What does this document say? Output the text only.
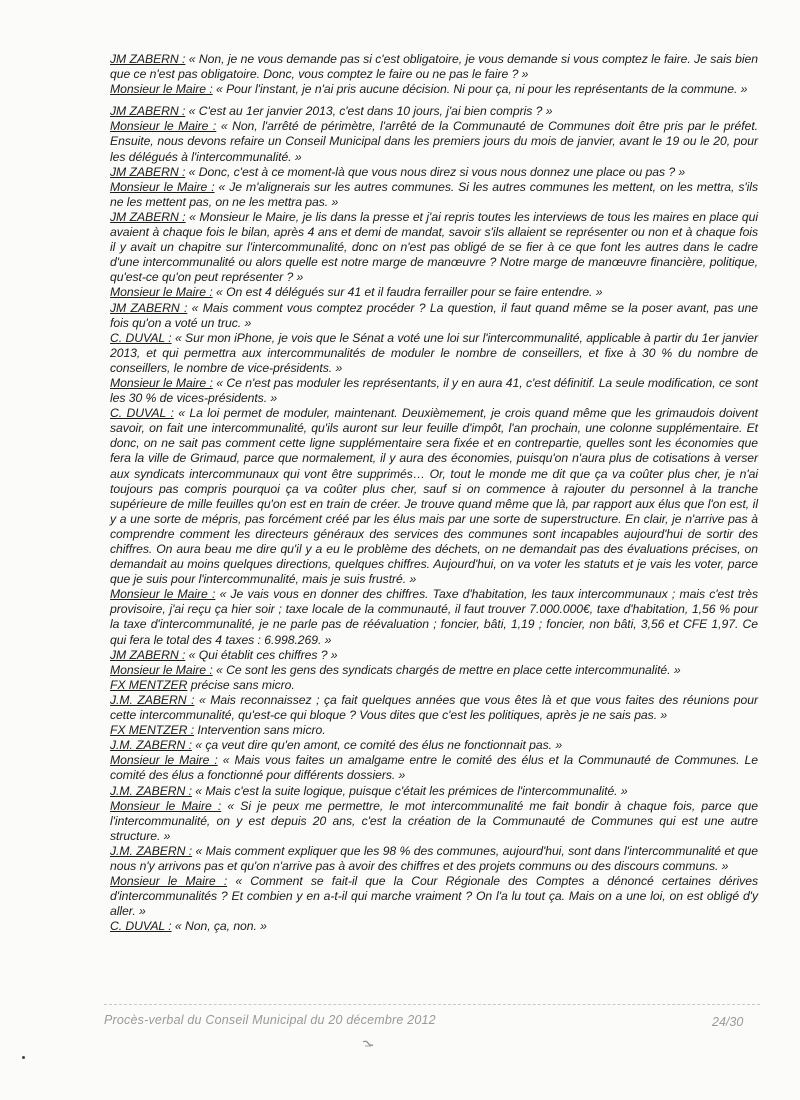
JM ZABERN : « Non, je ne vous demande pas si c'est obligatoire, je vous demande si vous comptez le faire. Je sais bien que ce n'est pas obligatoire. Donc, vous comptez le faire ou ne pas le faire ? »

Monsieur le Maire : « Pour l'instant, je n'ai pris aucune décision. Ni pour ça, ni pour les représentants de la commune. »

JM ZABERN : « C'est au 1er janvier 2013, c'est dans 10 jours, j'ai bien compris ? »

Monsieur le Maire : « Non, l'arrêté de périmètre, l'arrêté de la Communauté de Communes doit être pris par le préfet. Ensuite, nous devons refaire un Conseil Municipal dans les premiers jours du mois de janvier, avant le 19 ou le 20, pour les délégués à l'intercommunalité. »

JM ZABERN : « Donc, c'est à ce moment-là que vous nous direz si vous nous donnez une place ou pas ? »

Monsieur le Maire : « Je m'alignerais sur les autres communes. Si les autres communes les mettent, on les mettra, s'ils ne les mettent pas, on ne les mettra pas. »

JM ZABERN : « Monsieur le Maire, je lis dans la presse et j'ai repris toutes les interviews de tous les maires en place qui avaient à chaque fois le bilan, après 4 ans et demi de mandat, savoir s'ils allaient se représenter ou non et à chaque fois il y avait un chapitre sur l'intercommunalité, donc on n'est pas obligé de se fier à ce que font les autres dans le cadre d'une intercommunalité ou alors quelle est notre marge de manœuvre ? Notre marge de manœuvre financière, politique, qu'est-ce qu'on peut représenter ? »

Monsieur le Maire : « On est 4 délégués sur 41 et il faudra ferrailler pour se faire entendre. »

JM ZABERN : « Mais comment vous comptez procéder ? La question, il faut quand même se la poser avant, pas une fois qu'on a voté un truc. »

C. DUVAL : « Sur mon iPhone, je vois que le Sénat a voté une loi sur l'intercommunalité, applicable à partir du 1er janvier 2013, et qui permettra aux intercommunalités de moduler le nombre de conseillers, et fixe à 30 % du nombre de conseillers, le nombre de vice-présidents. »

Monsieur le Maire : « Ce n'est pas moduler les représentants, il y en aura 41, c'est définitif. La seule modification, ce sont les 30 % de vices-présidents. »

C. DUVAL : « La loi permet de moduler, maintenant. Deuxièmement, je crois quand même que les grimaudois doivent savoir, on fait une intercommunalité, qu'ils auront sur leur feuille d'impôt, l'an prochain, une colonne supplémentaire. Et donc, on ne sait pas comment cette ligne supplémentaire sera fixée et en contrepartie, quelles sont les économies que fera la ville de Grimaud, parce que normalement, il y aura des économies, puisqu'on n'aura plus de cotisations à verser aux syndicats intercommunaux qui vont être supprimés… Or, tout le monde me dit que ça va coûter plus cher, je n'ai toujours pas compris pourquoi ça va coûter plus cher, sauf si on commence à rajouter du personnel à la tranche supérieure de mille feuilles qu'on est en train de créer. Je trouve quand même que là, par rapport aux élus que l'on est, il y a une sorte de mépris, pas forcément créé par les élus mais par une sorte de superstructure. En clair, je n'arrive pas à comprendre comment les directeurs généraux des services des communes sont incapables aujourd'hui de sortir des chiffres. On aura beau me dire qu'il y a eu le problème des déchets, on ne demandait pas des évaluations précises, on demandait au moins quelques directions, quelques chiffres. Aujourd'hui, on va voter les statuts et je vais les voter, parce que je suis pour l'intercommunalité, mais je suis frustré. »

Monsieur le Maire : « Je vais vous en donner des chiffres. Taxe d'habitation, les taux intercommunaux ; mais c'est très provisoire, j'ai reçu ça hier soir ; taxe locale de la communauté, il faut trouver 7.000.000€, taxe d'habitation, 1,56 % pour la taxe d'intercommunalité, je ne parle pas de réévaluation ; foncier, bâti, 1,19 ; foncier, non bâti, 3,56 et CFE 1,97. Ce qui fera le total des 4 taxes : 6.998.269. »

JM ZABERN : « Qui établit ces chiffres ? »

Monsieur le Maire : « Ce sont les gens des syndicats chargés de mettre en place cette intercommunalité. »

FX MENTZER précise sans micro.

J.M. ZABERN : « Mais reconnaissez ; ça fait quelques années que vous êtes là et que vous faites des réunions pour cette intercommunalité, qu'est-ce qui bloque ? Vous dites que c'est les politiques, après je ne sais pas. »

FX MENTZER : Intervention sans micro.

J.M. ZABERN : « ça veut dire qu'en amont, ce comité des élus ne fonctionnait pas. »

Monsieur le Maire : « Mais vous faites un amalgame entre le comité des élus et la Communauté de Communes. Le comité des élus a fonctionné pour différents dossiers. »

J.M. ZABERN : « Mais c'est la suite logique, puisque c'était les prémices de l'intercommunalité. »

Monsieur le Maire : « Si je peux me permettre, le mot intercommunalité me fait bondir à chaque fois, parce que l'intercommunalité, on y est depuis 20 ans, c'est la création de la Communauté de Communes qui est une autre structure. »

J.M. ZABERN : « Mais comment expliquer que les 98 % des communes, aujourd'hui, sont dans l'intercommunalité et que nous n'y arrivons pas et qu'on n'arrive pas à avoir des chiffres et des projets communs ou des discours communs. »

Monsieur le Maire : « Comment se fait-il que la Cour Régionale des Comptes a dénoncé certaines dérives d'intercommunalités ? Et combien y en a-t-il qui marche vraiment ? On l'a lu tout ça. Mais on a une loi, on est obligé d'y aller. »

C. DUVAL : « Non, ça, non. »

Procès-verbal du Conseil Municipal du 20 décembre 2012	24/30
